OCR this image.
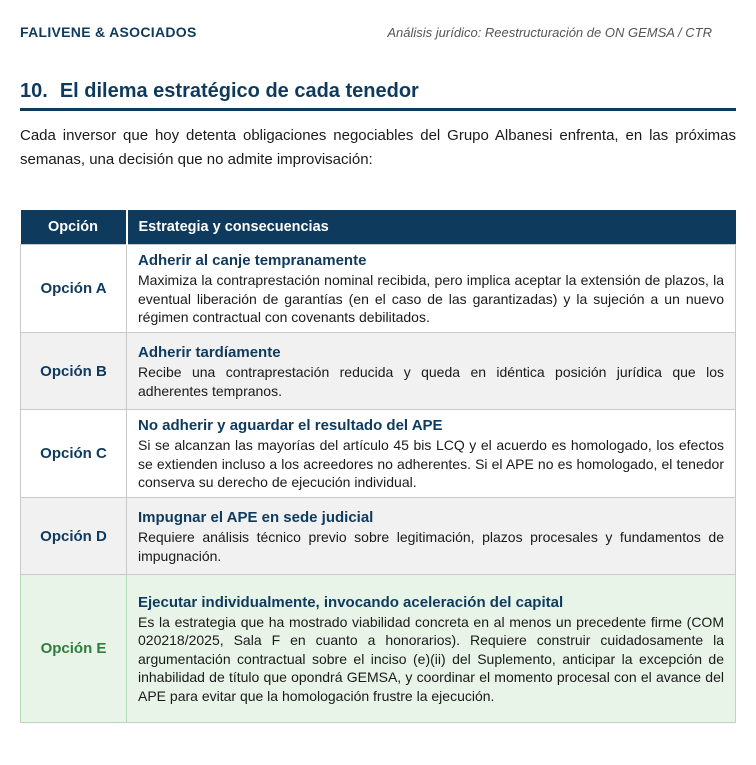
FALIVENE & ASOCIADOS	Análisis jurídico: Reestructuración de ON GEMSA / CTR
10. El dilema estratégico de cada tenedor
Cada inversor que hoy detenta obligaciones negociables del Grupo Albanesi enfrenta, en las próximas semanas, una decisión que no admite improvisación:
Opción	Estrategia y consecuencias
Opción A	Adherir al canje tempranamente
Maximiza la contraprestación nominal recibida, pero implica aceptar la extensión de plazos, la eventual liberación de garantías (en el caso de las garantizadas) y la sujeción a un nuevo régimen contractual con covenants debilitados.

Opción B	Adherir tardíamente
Recibe una contraprestación reducida y queda en idéntica posición jurídica que los adherentes tempranos.

Opción C	No adherir y aguardar el resultado del APE
Si se alcanzan las mayorías del artículo 45 bis LCQ y el acuerdo es homologado, los efectos se extienden incluso a los acreedores no adherentes. Si el APE no es homologado, el tenedor conserva su derecho de ejecución individual.

Opción D	Impugnar el APE en sede judicial
Requiere análisis técnico previo sobre legitimación, plazos procesales y fundamentos de impugnación.

Opción E	Ejecutar individualmente, invocando aceleración del capital
Es la estrategia que ha mostrado viabilidad concreta en al menos un precedente firme (COM 020218/2025, Sala F en cuanto a honorarios). Requiere construir cuidadosamente la argumentación contractual sobre el inciso (e)(ii) del Suplemento, anticipar la excepción de inhabilidad de título que opondrá GEMSA, y coordinar el momento procesal con el avance del APE para evitar que la homologación frustre la ejecución.
